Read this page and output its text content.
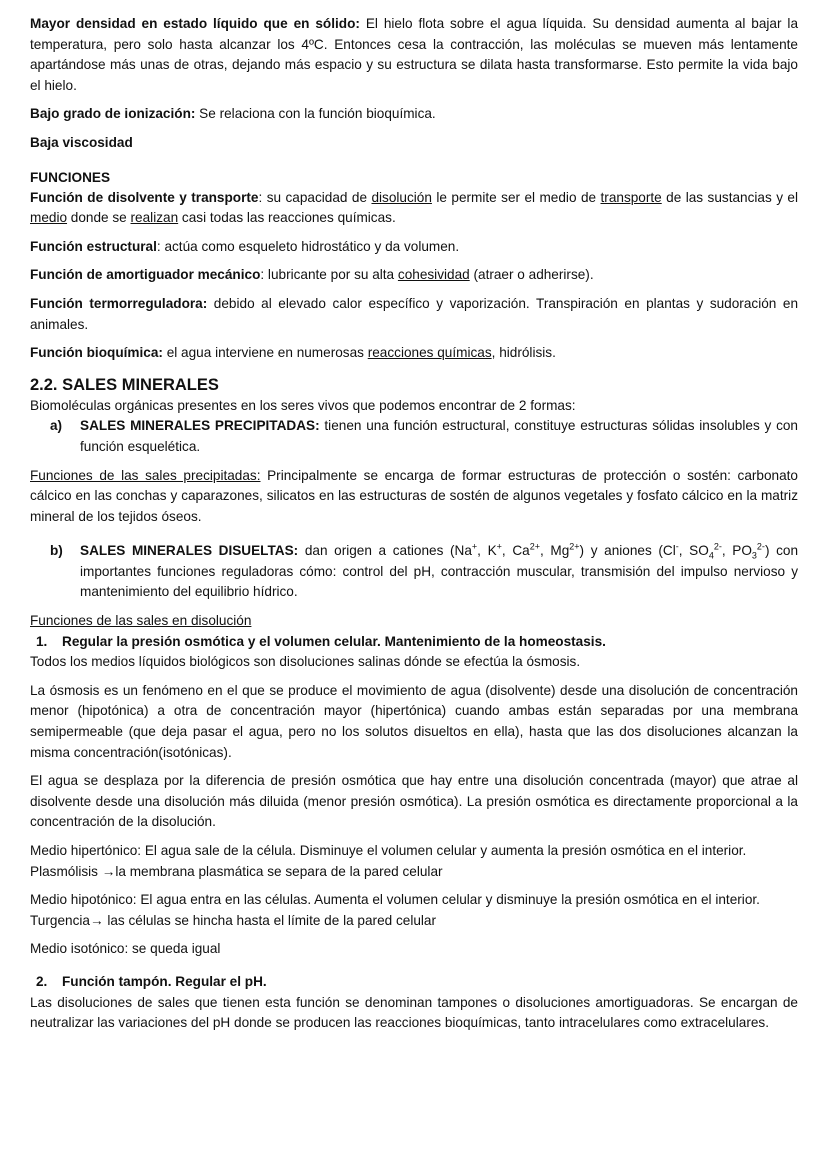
Mayor densidad en estado líquido que en sólido: El hielo flota sobre el agua líquida. Su densidad aumenta al bajar la temperatura, pero solo hasta alcanzar los 4ºC. Entonces cesa la contracción, las moléculas se mueven más lentamente apartándose más unas de otras, dejando más espacio y su estructura se dilata hasta transformarse. Esto permite la vida bajo el hielo.

Bajo grado de ionización: Se relaciona con la función bioquímica.

Baja viscosidad

FUNCIONES

Función de disolvente y transporte: su capacidad de disolución le permite ser el medio de transporte de las sustancias y el medio donde se realizan casi todas las reacciones químicas.

Función estructural: actúa como esqueleto hidrostático y da volumen.

Función de amortiguador mecánico: lubricante por su alta cohesividad (atraer o adherirse).

Función termorreguladora: debido al elevado calor específico y vaporización. Transpiración en plantas y sudoración en animales.

Función bioquímica: el agua interviene en numerosas reacciones químicas, hidrólisis.

2.2. SALES MINERALES

Biomoléculas orgánicas presentes en los seres vivos que podemos encontrar de 2 formas:

a)	SALES MINERALES PRECIPITADAS: tienen una función estructural, constituye estructuras sólidas insolubles y con función esquelética.

Funciones de las sales precipitadas: Principalmente se encarga de formar estructuras de protección o sostén: carbonato cálcico en las conchas y caparazones, silicatos en las estructuras de sostén de algunos vegetales y fosfato cálcico en la matriz mineral de los tejidos óseos.

b)	SALES MINERALES DISUELTAS: dan origen a cationes (Na+, K+, $Ca^{2+}$, $Mg^{2+}$) y aniones (Cl-, $SO_4^{2-}$, $PO_3^{2-}$) con importantes funciones reguladoras cómo: control del pH, contracción muscular, transmisión del impulso nervioso y mantenimiento del equilibrio hídrico.

Funciones de las sales en disolución

1.	Regular la presión osmótica y el volumen celular. Mantenimiento de la homeostasis.

Todos los medios líquidos biológicos son disoluciones salinas dónde se efectúa la ósmosis.

La ósmosis es un fenómeno en el que se produce el movimiento de agua (disolvente) desde una disolución de concentración menor (hipotónica) a otra de concentración mayor (hipertónica) cuando ambas están separadas por una membrana semipermeable (que deja pasar el agua, pero no los solutos disueltos en ella), hasta que las dos disoluciones alcanzan la misma concentración(isotónicas).

El agua se desplaza por la diferencia de presión osmótica que hay entre una disolución concentrada (mayor) que atrae al disolvente desde una disolución más diluida (menor presión osmótica). La presión osmótica es directamente proporcional a la concentración de la disolución.

Medio hipertónico: El agua sale de la célula. Disminuye el volumen celular y aumenta la presión osmótica en el interior.

Plasmólisis →la membrana plasmática se separa de la pared celular

Medio hipotónico: El agua entra en las células. Aumenta el volumen celular y disminuye la presión osmótica en el interior.

Turgencia→ las células se hincha hasta el límite de la pared celular

Medio isotónico: se queda igual

2.	Función tampón. Regular el pH.

Las disoluciones de sales que tienen esta función se denominan tampones o disoluciones amortiguadoras. Se encargan de neutralizar las variaciones del pH donde se producen las reacciones bioquímicas, tanto intracelulares como extracelulares.
